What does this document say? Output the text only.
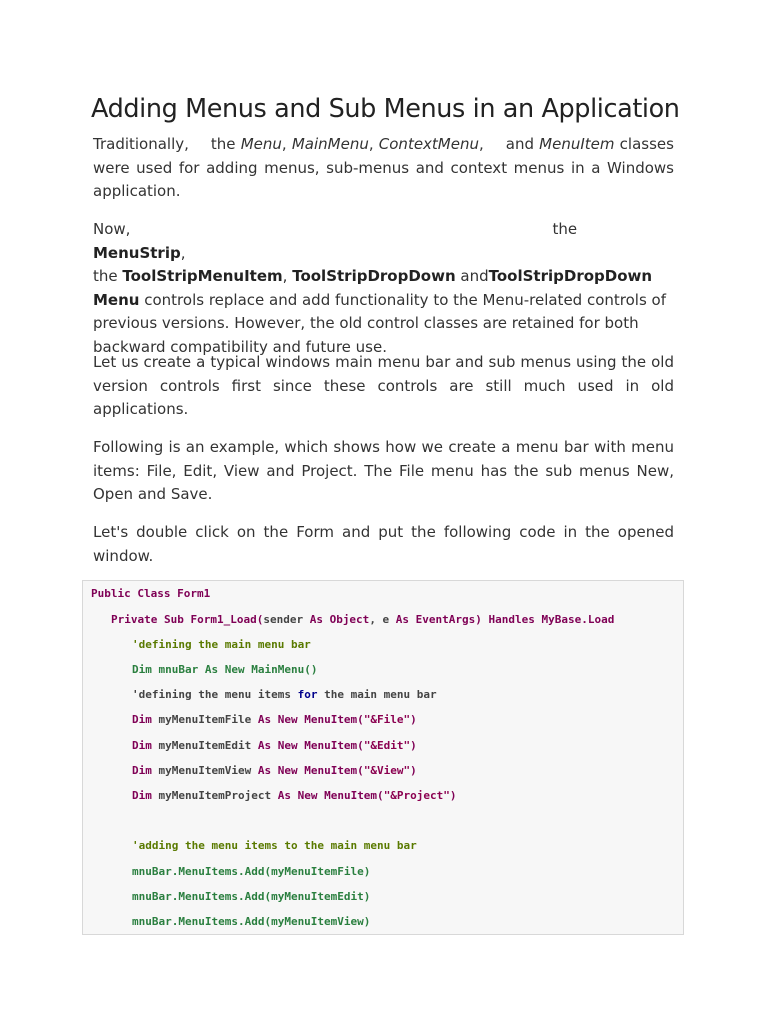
Adding Menus and Sub Menus in an Application

Traditionally, the Menu, MainMenu, ContextMenu, and MenuItem classes were used for adding menus, sub-menus and context menus in a Windows application.

Now,	the MenuStrip,
the ToolStripMenuItem, ToolStripDropDown andToolStripDropDown Menu controls replace and add functionality to the Menu-related controls of previous versions. However, the old control classes are retained for both backward compatibility and future use.

Let us create a typical windows main menu bar and sub menus using the old version controls first since these controls are still much used in old applications.

Following is an example, which shows how we create a menu bar with menu items: File, Edit, View and Project. The File menu has the sub menus New, Open and Save.

Let's double click on the Form and put the following code in the opened window.

Public Class Form1
Private Sub Form1_Load(sender As Object, e As EventArgs) Handles MyBase.Load
'defining the main menu bar
Dim mnuBar As New MainMenu()
'defining the menu items for the main menu bar
Dim myMenuItemFile As New MenuItem("&File")
Dim myMenuItemEdit As New MenuItem("&Edit")
Dim myMenuItemView As New MenuItem("&View")
Dim myMenuItemProject As New MenuItem("&Project")
'adding the menu items to the main menu bar
mnuBar.MenuItems.Add(myMenuItemFile)
mnuBar.MenuItems.Add(myMenuItemEdit)
mnuBar.MenuItems.Add(myMenuItemView)
